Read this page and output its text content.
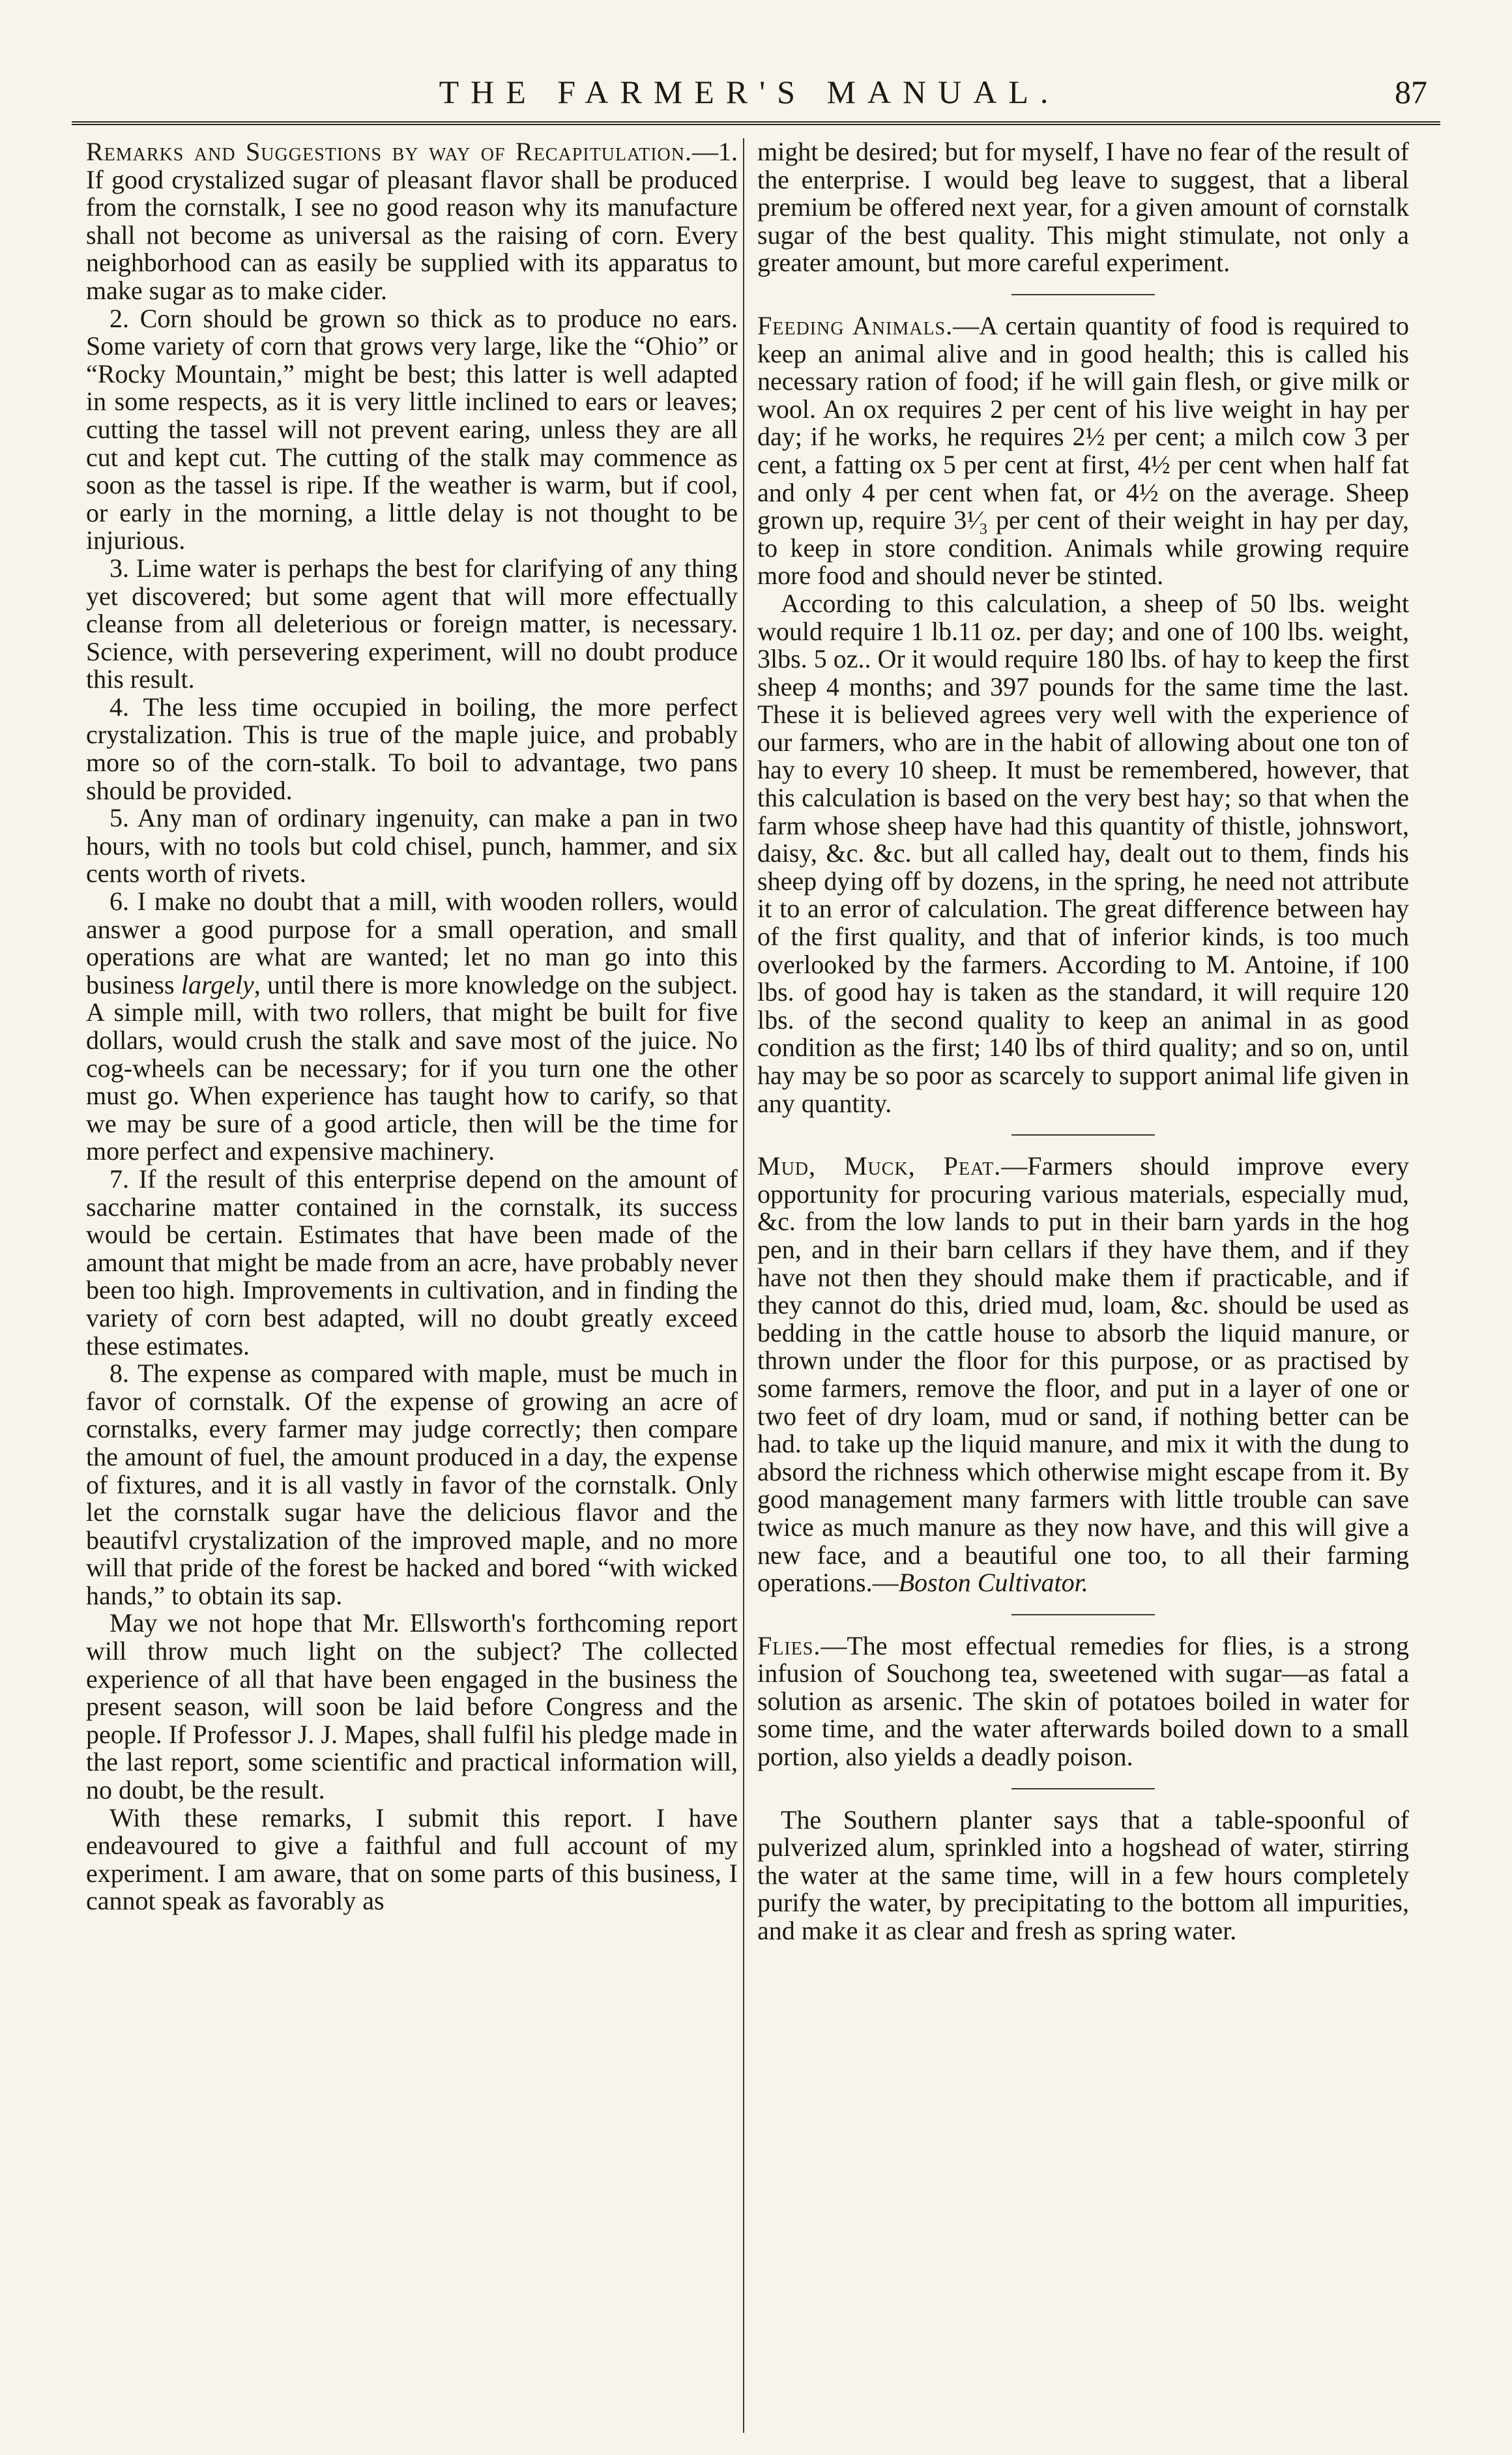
THE FARMER'S MANUAL.	87

Remarks and Suggestions by way of Recapitulation.—1. If good crystalized sugar of pleasant flavor shall be produced from the cornstalk, I see no good reason why its manufacture shall not become as universal as the raising of corn. Every neighborhood can as easily be supplied with its apparatus to make sugar as to make cider.

2. Corn should be grown so thick as to produce no ears. Some variety of corn that grows very large, like the “Ohio” or “Rocky Mountain,” might be best; this latter is well adapted in some respects, as it is very little inclined to ears or leaves; cutting the tassel will not prevent earing, unless they are all cut and kept cut. The cutting of the stalk may commence as soon as the tassel is ripe. If the weather is warm, but if cool, or early in the morning, a little delay is not thought to be injurious.

3. Lime water is perhaps the best for clarifying of any thing yet discovered; but some agent that will more effectually cleanse from all deleterious or foreign matter, is necessary. Science, with persevering experiment, will no doubt produce this result.

4. The less time occupied in boiling, the more perfect crystalization. This is true of the maple juice, and probably more so of the corn-stalk. To boil to advantage, two pans should be provided.

5. Any man of ordinary ingenuity, can make a pan in two hours, with no tools but cold chisel, punch, hammer, and six cents worth of rivets.

6. I make no doubt that a mill, with wooden rollers, would answer a good purpose for a small operation, and small operations are what are wanted; let no man go into this business largely, until there is more knowledge on the subject. A simple mill, with two rollers, that might be built for five dollars, would crush the stalk and save most of the juice. No cog-wheels can be necessary; for if you turn one the other must go. When experience has taught how to carify, so that we may be sure of a good article, then will be the time for more perfect and expensive machinery.

7. If the result of this enterprise depend on the amount of saccharine matter contained in the cornstalk, its success would be certain. Estimates that have been made of the amount that might be made from an acre, have probably never been too high. Improvements in cultivation, and in finding the variety of corn best adapted, will no doubt greatly exceed these estimates.

8. The expense as compared with maple, must be much in favor of cornstalk. Of the expense of growing an acre of cornstalks, every farmer may judge correctly; then compare the amount of fuel, the amount produced in a day, the expense of fixtures, and it is all vastly in favor of the cornstalk. Only let the cornstalk sugar have the delicious flavor and the beautifvl crystalization of the improved maple, and no more will that pride of the forest be hacked and bored “with wicked hands,” to obtain its sap.

May we not hope that Mr. Ellsworth's forthcoming report will throw much light on the subject? The collected experience of all that have been engaged in the business the present season, will soon be laid before Congress and the people. If Professor J. J. Mapes, shall fulfil his pledge made in the last report, some scientific and practical information will, no doubt, be the result.

With these remarks, I submit this report. I have endeavoured to give a faithful and full account of my experiment. I am aware, that on some parts of this business, I cannot speak as favorably as

might be desired; but for myself, I have no fear of the result of the enterprise. I would beg leave to suggest, that a liberal premium be offered next year, for a given amount of cornstalk sugar of the best quality. This might stimulate, not only a greater amount, but more careful experiment.

Feeding Animals.—A certain quantity of food is required to keep an animal alive and in good health; this is called his necessary ration of food; if he will gain flesh, or give milk or wool. An ox requires 2 per cent of his live weight in hay per day; if he works, he requires 2½ per cent; a milch cow 3 per cent, a fatting ox 5 per cent at first, 4½ per cent when half fat and only 4 per cent when fat, or 4½ on the average. Sheep grown up, require 3¹⁄₃ per cent of their weight in hay per day, to keep in store condition. Animals while growing require more food and should never be stinted.

According to this calculation, a sheep of 50 lbs. weight would require 1 lb.11 oz. per day; and one of 100 lbs. weight, 3lbs. 5 oz.. Or it would require 180 lbs. of hay to keep the first sheep 4 months; and 397 pounds for the same time the last. These it is believed agrees very well with the experience of our farmers, who are in the habit of allowing about one ton of hay to every 10 sheep. It must be remembered, however, that this calculation is based on the very best hay; so that when the farm whose sheep have had this quantity of thistle, johnswort, daisy, &c. &c. but all called hay, dealt out to them, finds his sheep dying off by dozens, in the spring, he need not attribute it to an error of calculation. The great difference between hay of the first quality, and that of inferior kinds, is too much overlooked by the farmers. According to M. Antoine, if 100 lbs. of good hay is taken as the standard, it will require 120 lbs. of the second quality to keep an animal in as good condition as the first; 140 lbs of third quality; and so on, until hay may be so poor as scarcely to support animal life given in any quantity.

Mud, Muck, Peat.—Farmers should improve every opportunity for procuring various materials, especially mud, &c. from the low lands to put in their barn yards in the hog pen, and in their barn cellars if they have them, and if they have not then they should make them if practicable, and if they cannot do this, dried mud, loam, &c. should be used as bedding in the cattle house to absorb the liquid manure, or thrown under the floor for this purpose, or as practised by some farmers, remove the floor, and put in a layer of one or two feet of dry loam, mud or sand, if nothing better can be had. to take up the liquid manure, and mix it with the dung to absord the richness which otherwise might escape from it. By good management many farmers with little trouble can save twice as much manure as they now have, and this will give a new face, and a beautiful one too, to all their farming operations.—Boston Cultivator.

Flies.—The most effectual remedies for flies, is a strong infusion of Souchong tea, sweetened with sugar—as fatal a solution as arsenic. The skin of potatoes boiled in water for some time, and the water afterwards boiled down to a small portion, also yields a deadly poison.

The Southern planter says that a table-spoonful of pulverized alum, sprinkled into a hogshead of water, stirring the water at the same time, will in a few hours completely purify the water, by precipitating to the bottom all impurities, and make it as clear and fresh as spring water.
